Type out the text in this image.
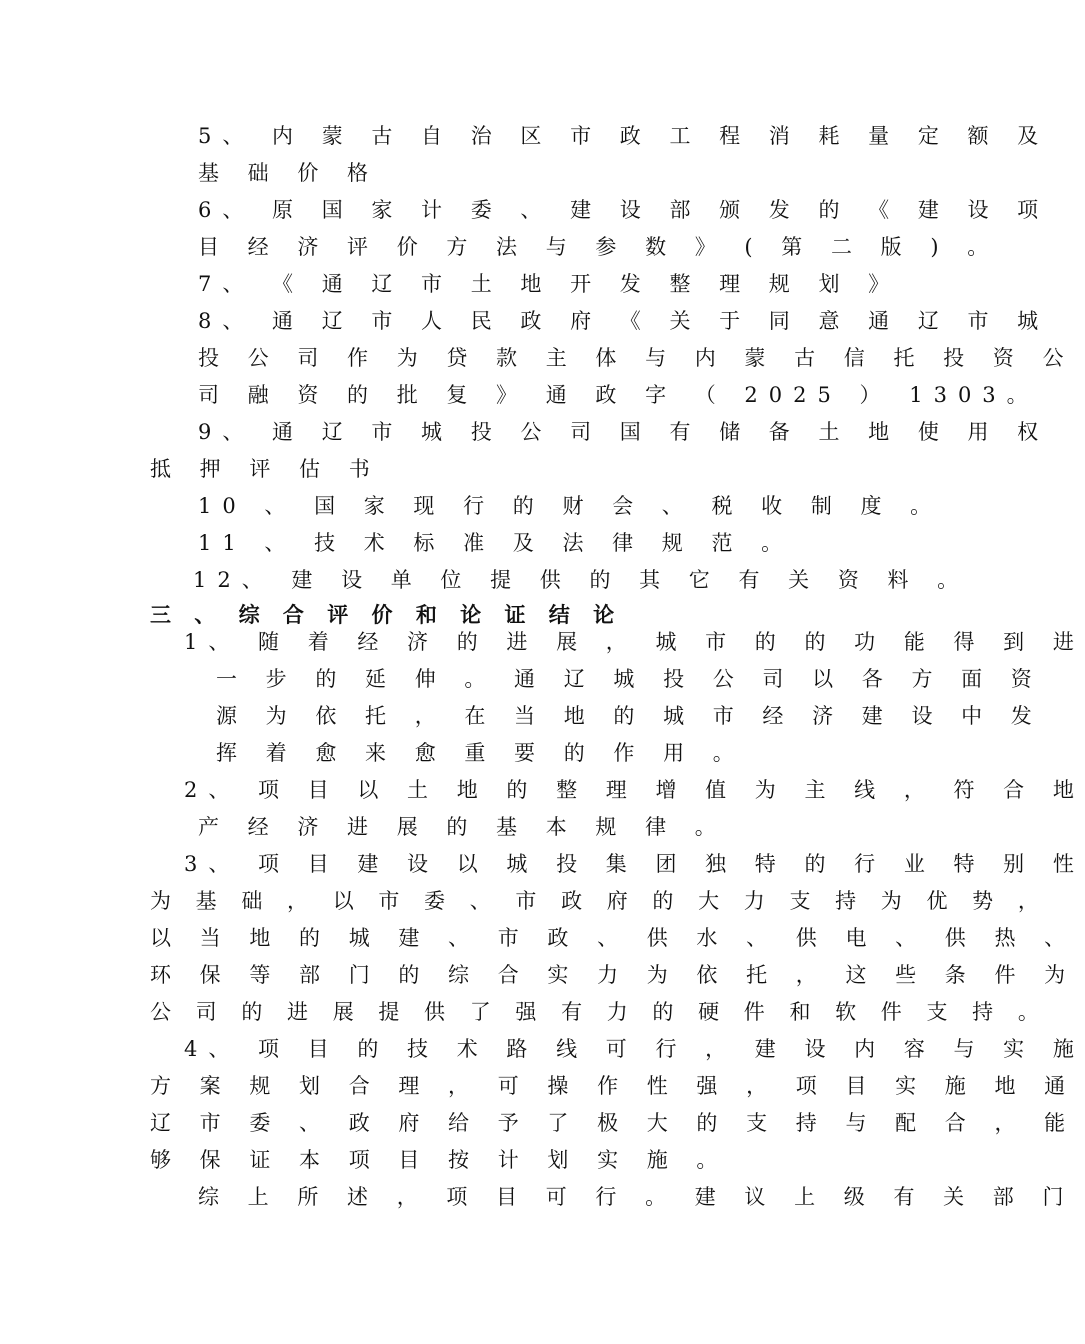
5、 内 蒙 古 自 治 区 市 政 工 程 消 耗 量 定 额 及
基 础 价 格
6、 原 国 家 计 委 、 建 设 部 颁 发 的 《 建 设 项
目 经 济 评 价 方 法 与 参 数 》 ( 第 二 版 ) 。
7、 《 通 辽 市 土 地 开 发 整 理 规 划 》
8、 通 辽 市 人 民 政 府 《 关 于 同 意 通 辽 市 城
投 公 司 作 为 贷 款 主 体 与 内 蒙 古 信 托 投 资 公
司 融 资 的 批 复 》 通 政 字 （ 2025 ） 1303。
9、 通 辽 市 城 投 公 司 国 有 储 备 土 地 使 用 权
抵 押 评 估 书
10 、 国 家 现 行 的 财 会 、 税 收 制 度 。
11 、 技 术 标 准 及 法 律 规 范 。
12、 建 设 单 位 提 供 的 其 它 有 关 资 料 。
三 、 综 合 评 价 和 论 证 结 论
1、 随 着 经 济 的 进 展 ， 城 市 的 的 功 能 得 到 进
一 步 的 延 伸 。 通 辽 城 投 公 司 以 各 方 面 资
源 为 依 托 ， 在 当 地 的 城 市 经 济 建 设 中 发
挥 着 愈 来 愈 重 要 的 作 用 。
2、 项 目 以 土 地 的 整 理 增 值 为 主 线 ， 符 合 地
产 经 济 进 展 的 基 本 规 律 。
3、 项 目 建 设 以 城 投 集 团 独 特 的 行 业 特 别 性
为 基 础 ， 以 市 委 、 市 政 府 的 大 力 支 持 为 优 势 ，
以 当 地 的 城 建 、 市 政 、 供 水 、 供 电 、 供 热 、
环 保 等 部 门 的 综 合 实 力 为 依 托 ， 这 些 条 件 为
公 司 的 进 展 提 供 了 强 有 力 的 硬 件 和 软 件 支 持 。
4、 项 目 的 技 术 路 线 可 行 ， 建 设 内 容 与 实 施
方 案 规 划 合 理 ， 可 操 作 性 强 ， 项 目 实 施 地 通
辽 市 委 、 政 府 给 予 了 极 大 的 支 持 与 配 合 ， 能
够 保 证 本 项 目 按 计 划 实 施 。
综 上 所 述 ， 项 目 可 行 。 建 议 上 级 有 关 部 门
